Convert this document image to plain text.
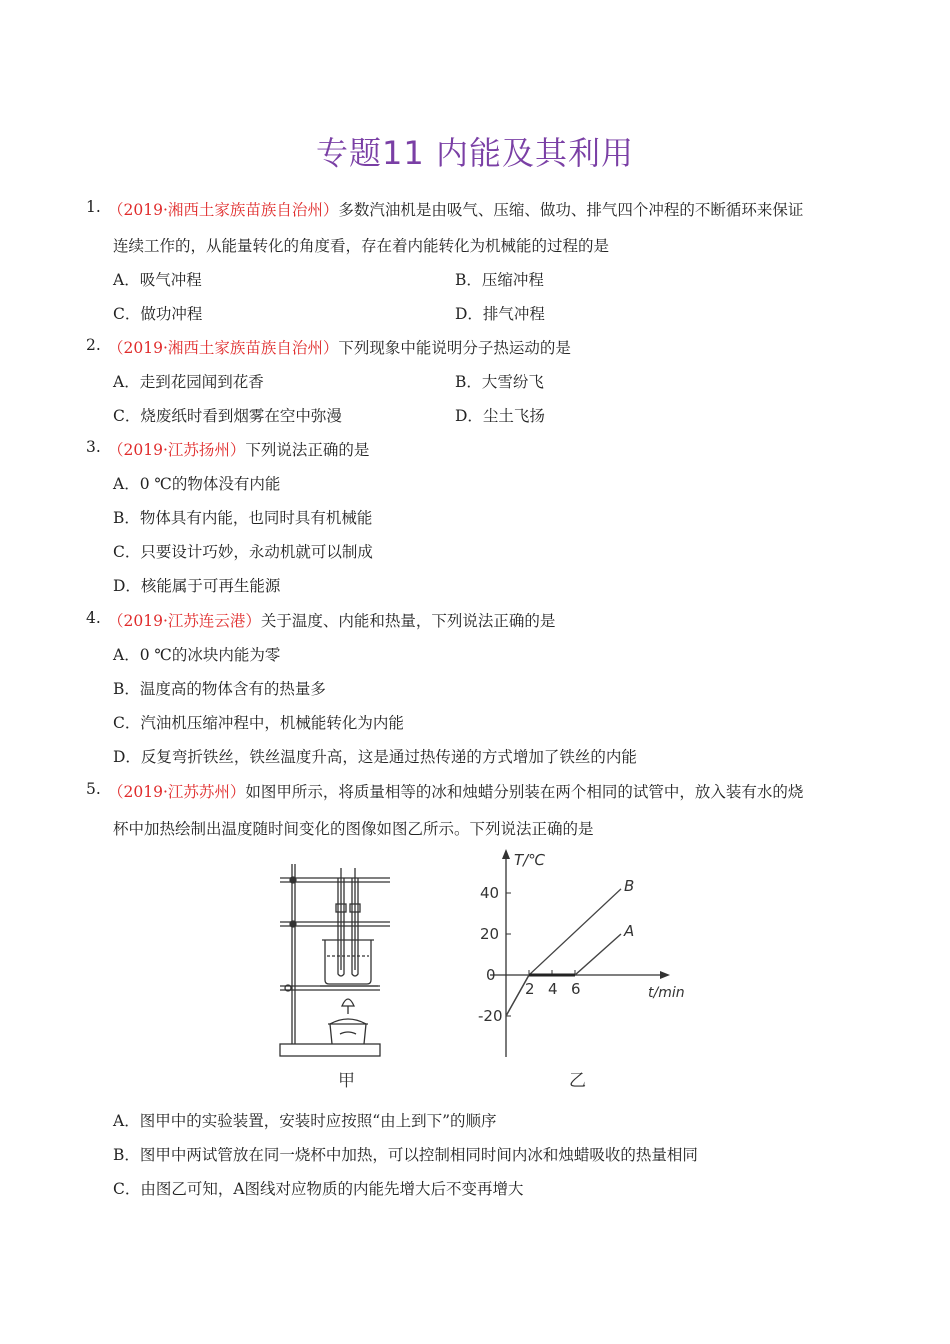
专题11 内能及其利用
1. （2019·湘西土家族苗族自治州）多数汽油机是由吸气、压缩、做功、排气四个冲程的不断循环来保证
连续工作的，从能量转化的角度看，存在着内能转化为机械能的过程的是
A．吸气冲程	B．压缩冲程
C．做功冲程	D．排气冲程
2. （2019·湘西土家族苗族自治州）下列现象中能说明分子热运动的是
A．走到花园闻到花香	B．大雪纷飞
C．烧废纸时看到烟雾在空中弥漫	D．尘土飞扬
3. （2019·江苏扬州）下列说法正确的是
A．0 ℃的物体没有内能
B．物体具有内能，也同时具有机械能
C．只要设计巧妙，永动机就可以制成
D．核能属于可再生能源
4. （2019·江苏连云港）关于温度、内能和热量，下列说法正确的是
A．0 ℃的冰块内能为零
B．温度高的物体含有的热量多
C．汽油机压缩冲程中，机械能转化为内能
D．反复弯折铁丝，铁丝温度升高，这是通过热传递的方式增加了铁丝的内能
5. （2019·江苏苏州）如图甲所示，将质量相等的冰和烛蜡分别装在两个相同的试管中，放入装有水的烧
杯中加热绘制出温度随时间变化的图像如图乙所示。下列说法正确的是
甲
T/℃
t/min
40
20
0
-20
2 4 6
B
A
乙
A．图甲中的实验装置，安装时应按照“由上到下”的顺序
B．图甲中两试管放在同一烧杯中加热，可以控制相同时间内冰和烛蜡吸收的热量相同
C．由图乙可知，A图线对应物质的内能先增大后不变再增大
